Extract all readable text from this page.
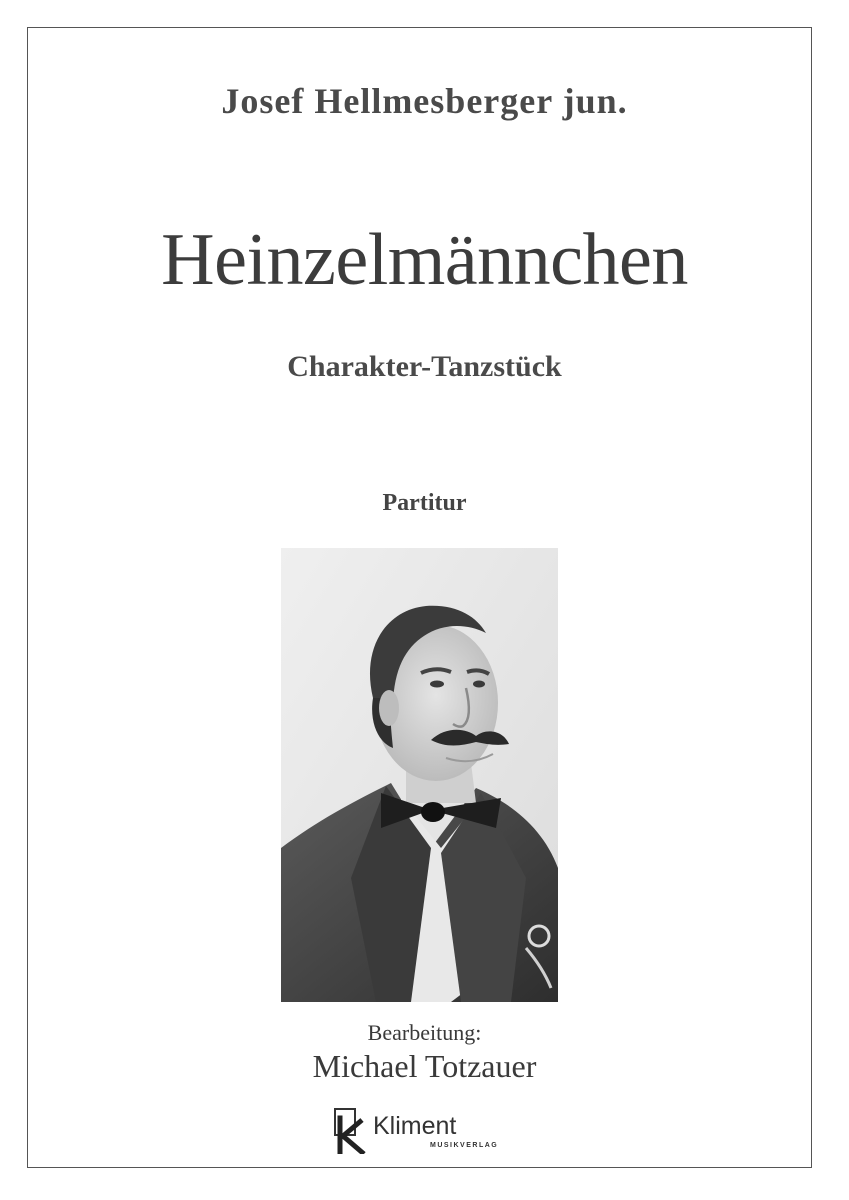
Josef Hellmesberger jun.
Heinzelmännchen
Charakter-Tanzstück
Partitur
Bearbeitung:
Michael Totzauer
Kliment
MUSIKVERLAG
